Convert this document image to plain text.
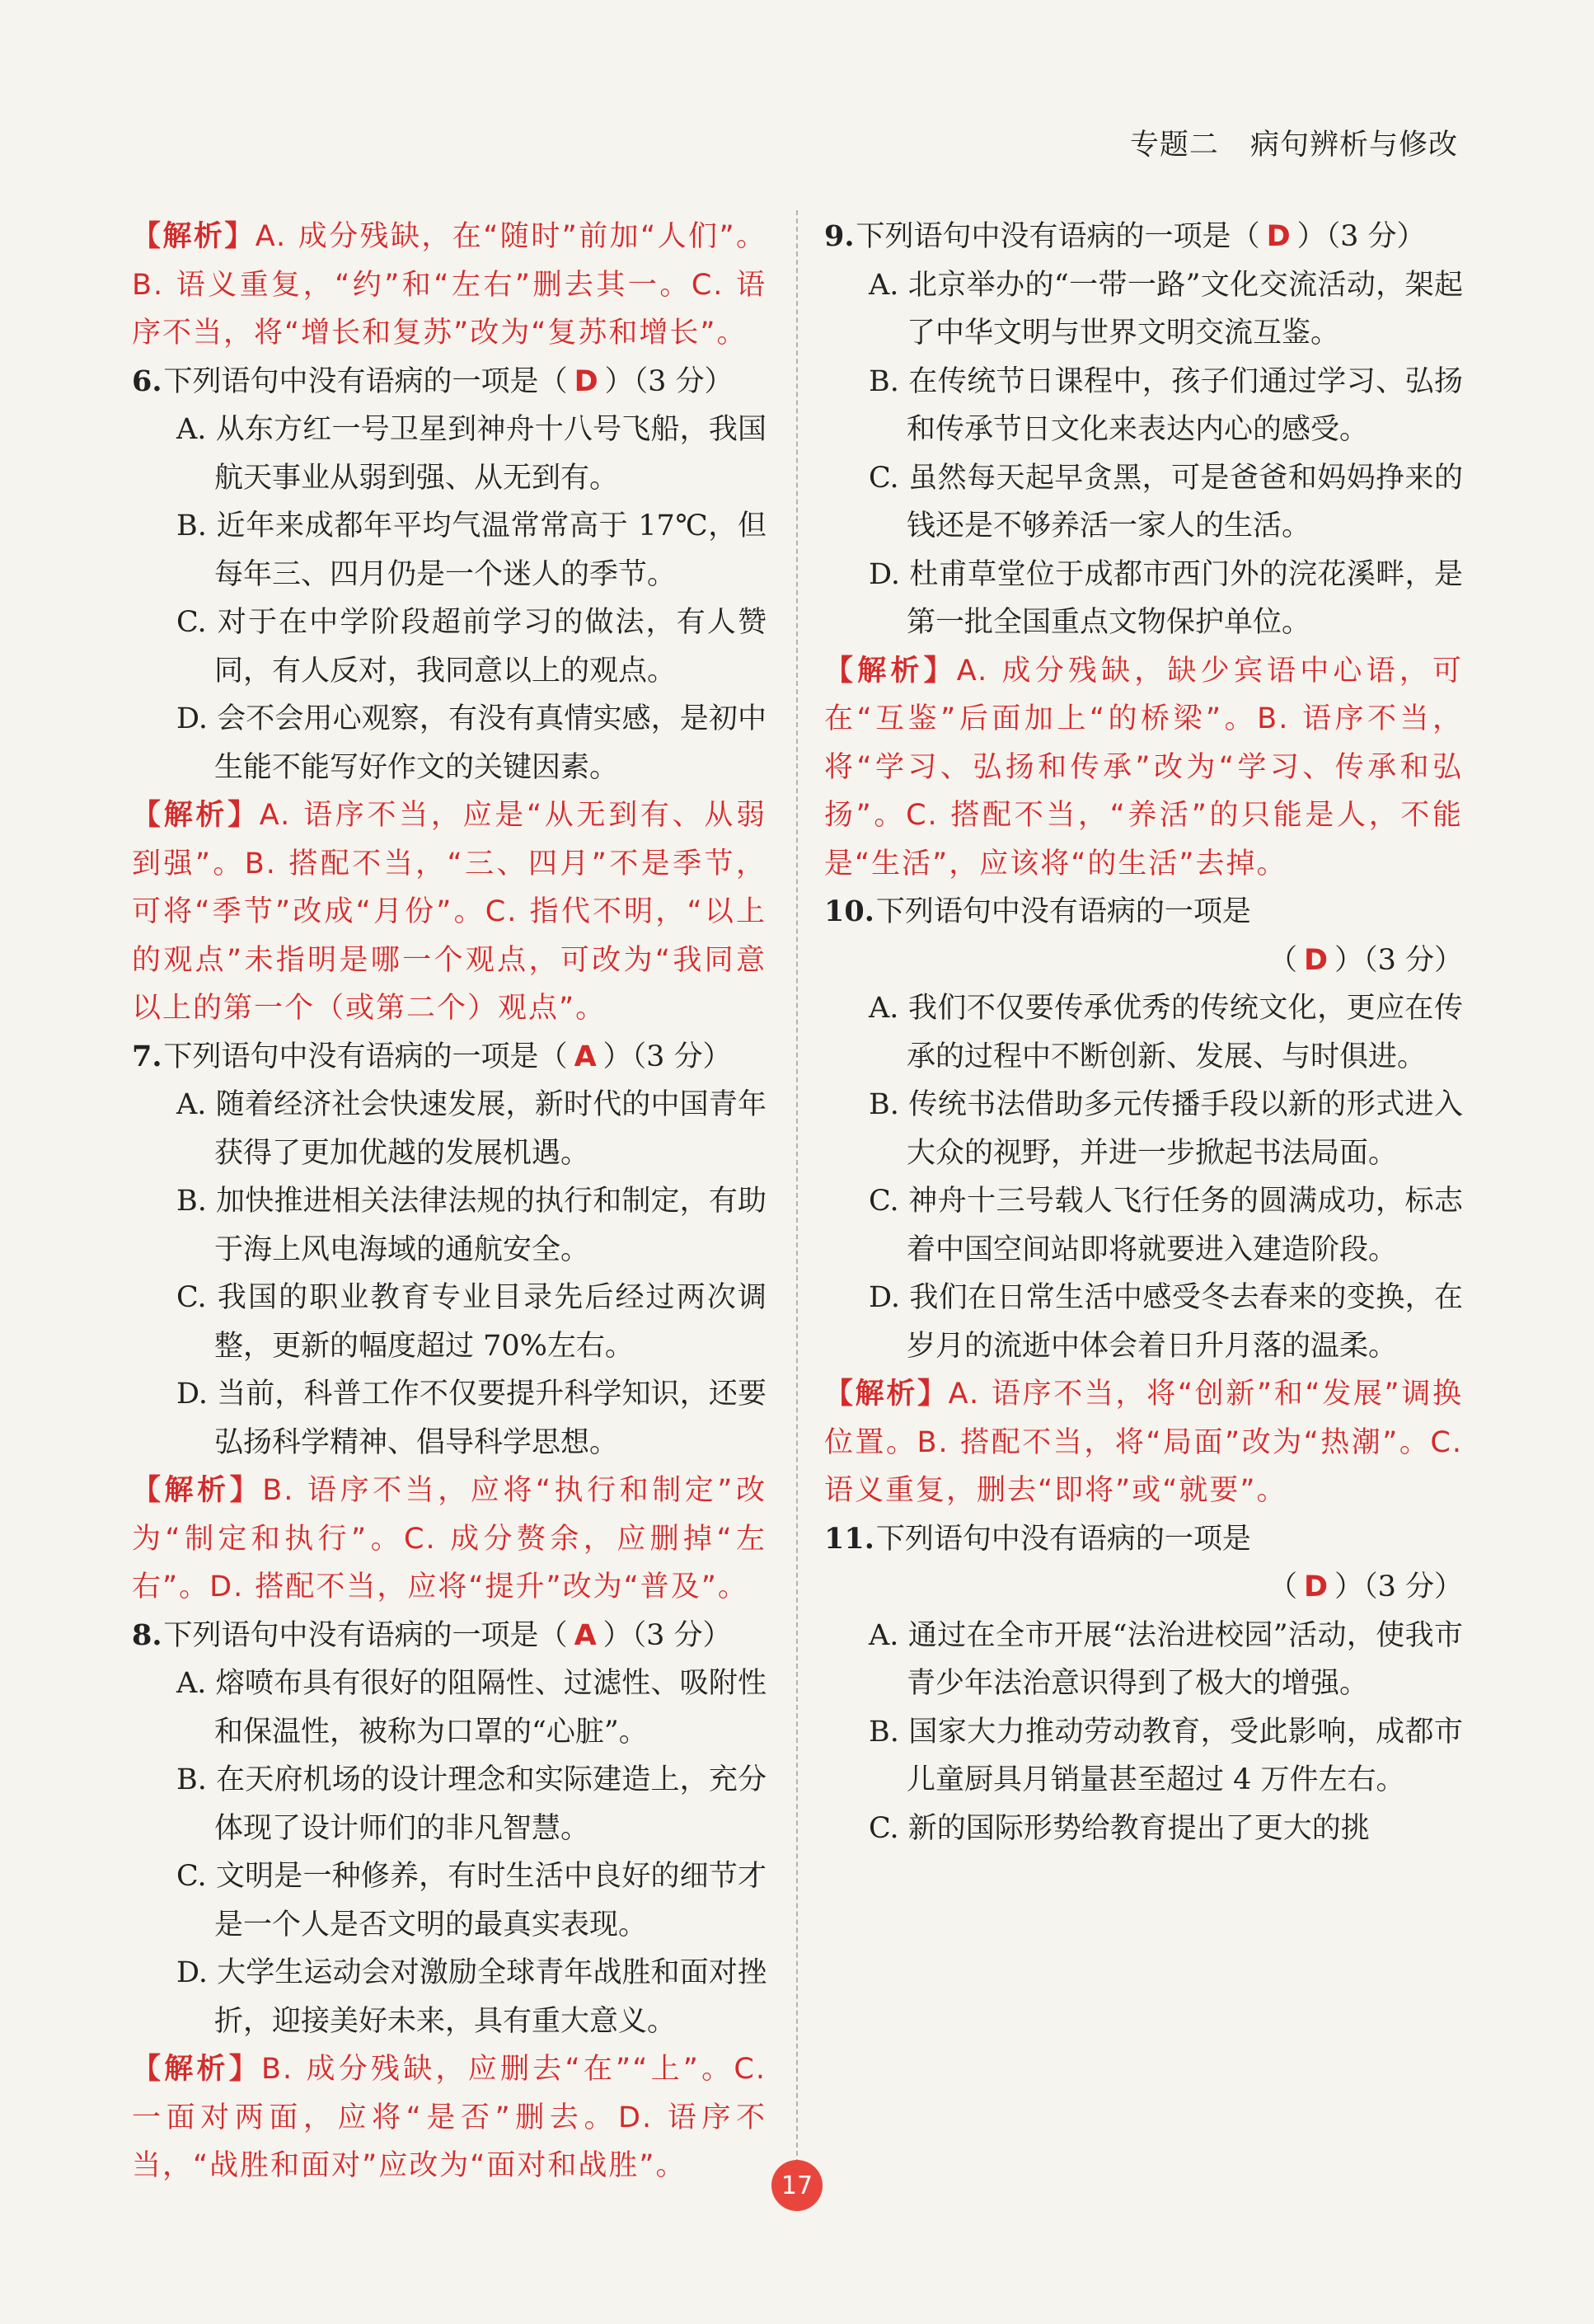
专题二 病句辨析与修改

【解析】A. 成分残缺，在“随时”前加“人们”。B. 语义重复，“约”和“左右”删去其一。C. 语序不当，将“增长和复苏”改为“复苏和增长”。

6.下列语句中没有语病的一项是（ D ）（3 分）

A. 从东方红一号卫星到神舟十八号飞船，我国航天事业从弱到强、从无到有。

B. 近年来成都年平均气温常常高于 17℃，但每年三、四月仍是一个迷人的季节。

C. 对于在中学阶段超前学习的做法，有人赞同，有人反对，我同意以上的观点。

D. 会不会用心观察，有没有真情实感，是初中生能不能写好作文的关键因素。

【解析】A. 语序不当，应是“从无到有、从弱到强”。B. 搭配不当，“三、四月”不是季节，可将“季节”改成“月份”。C. 指代不明，“以上的观点”未指明是哪一个观点，可改为“我同意以上的第一个（或第二个）观点”。

7.下列语句中没有语病的一项是（ A ）（3 分）

A. 随着经济社会快速发展，新时代的中国青年获得了更加优越的发展机遇。

B. 加快推进相关法律法规的执行和制定，有助于海上风电海域的通航安全。

C. 我国的职业教育专业目录先后经过两次调整，更新的幅度超过 70%左右。

D. 当前，科普工作不仅要提升科学知识，还要弘扬科学精神、倡导科学思想。

【解析】B. 语序不当，应将“执行和制定”改为“制定和执行”。C. 成分赘余，应删掉“左右”。D. 搭配不当，应将“提升”改为“普及”。

8.下列语句中没有语病的一项是（ A ）（3 分）

A. 熔喷布具有很好的阻隔性、过滤性、吸附性和保温性，被称为口罩的“心脏”。

B. 在天府机场的设计理念和实际建造上，充分体现了设计师们的非凡智慧。

C. 文明是一种修养，有时生活中良好的细节才是一个人是否文明的最真实表现。

D. 大学生运动会对激励全球青年战胜和面对挫折，迎接美好未来，具有重大意义。

【解析】B. 成分残缺，应删去“在”“上”。C. 一面对两面，应将“是否”删去。D. 语序不当，“战胜和面对”应改为“面对和战胜”。

9.下列语句中没有语病的一项是（ D ）（3 分）

A. 北京举办的“一带一路”文化交流活动，架起了中华文明与世界文明交流互鉴。

B. 在传统节日课程中，孩子们通过学习、弘扬和传承节日文化来表达内心的感受。

C. 虽然每天起早贪黑，可是爸爸和妈妈挣来的钱还是不够养活一家人的生活。

D. 杜甫草堂位于成都市西门外的浣花溪畔，是第一批全国重点文物保护单位。

【解析】A. 成分残缺，缺少宾语中心语，可在“互鉴”后面加上“的桥梁”。B. 语序不当，将“学习、弘扬和传承”改为“学习、传承和弘扬”。C. 搭配不当，“养活”的只能是人，不能是“生活”，应该将“的生活”去掉。

10.下列语句中没有语病的一项是

（ D ）（3 分）

A. 我们不仅要传承优秀的传统文化，更应在传承的过程中不断创新、发展、与时俱进。

B. 传统书法借助多元传播手段以新的形式进入大众的视野，并进一步掀起书法局面。

C. 神舟十三号载人飞行任务的圆满成功，标志着中国空间站即将就要进入建造阶段。

D. 我们在日常生活中感受冬去春来的变换，在岁月的流逝中体会着日升月落的温柔。

【解析】A. 语序不当，将“创新”和“发展”调换位置。B. 搭配不当，将“局面”改为“热潮”。C. 语义重复，删去“即将”或“就要”。

11.下列语句中没有语病的一项是

（ D ）（3 分）

A. 通过在全市开展“法治进校园”活动，使我市青少年法治意识得到了极大的增强。

B. 国家大力推动劳动教育，受此影响，成都市儿童厨具月销量甚至超过 4 万件左右。

C. 新的国际形势给教育提出了更大的挑

17
